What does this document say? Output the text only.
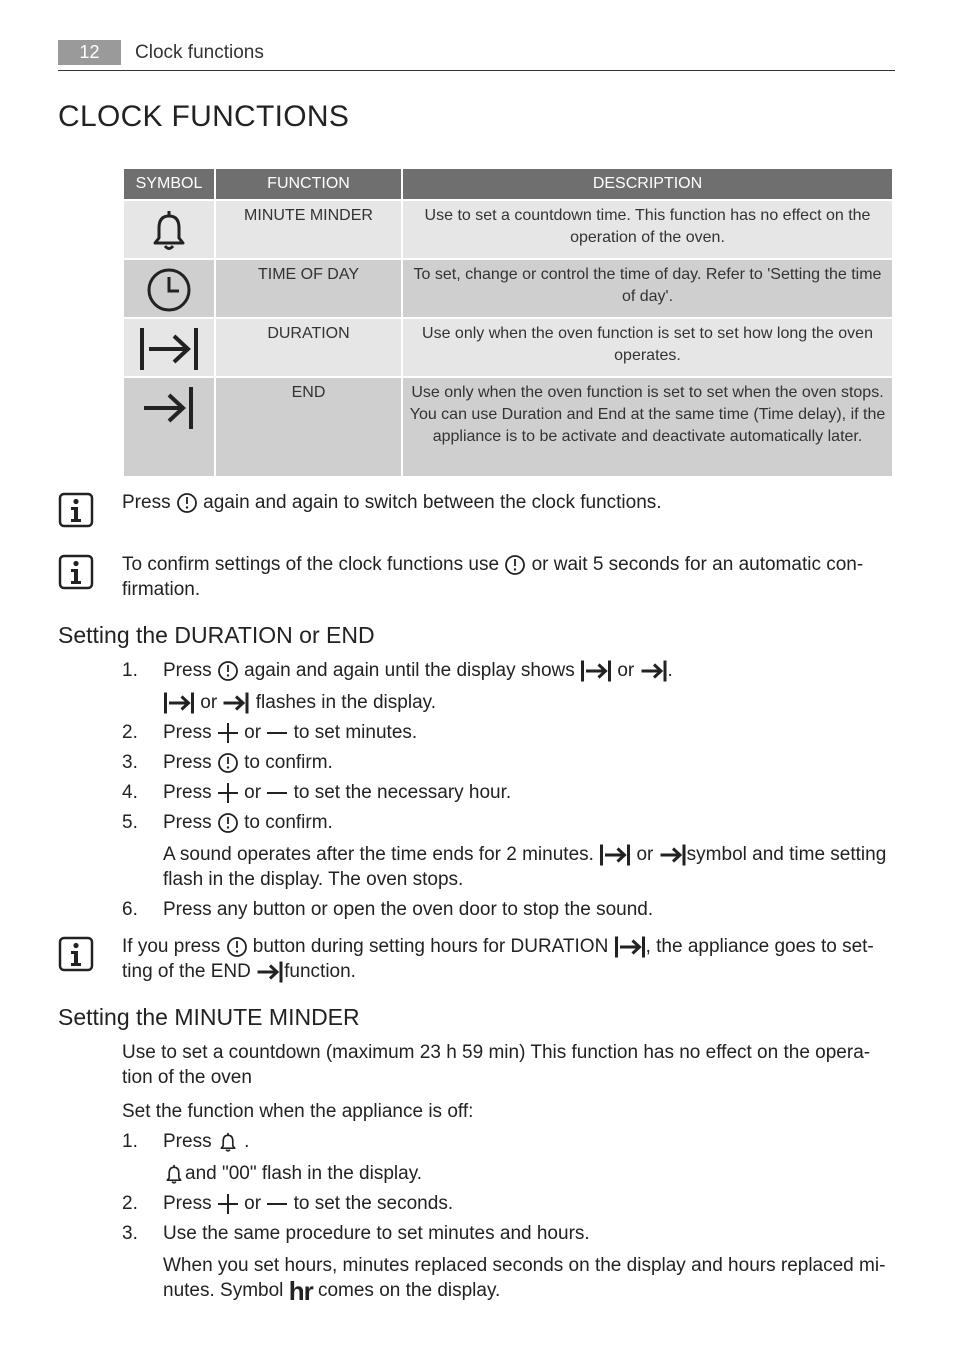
12	Clock functions
CLOCK FUNCTIONS
SYMBOL	FUNCTION	DESCRIPTION

	MINUTE MINDER	Use to set a countdown time. This function has no effect on the operation of the oven.

	TIME OF DAY	To set, change or control the time of day. Refer to 'Setting the time of day'.

	DURATION	Use only when the oven function is set to set how long the oven operates.

	END	Use only when the oven function is set to set when the oven stops. You can use Duration and End at the same time (Time delay), if the appliance is to be activate and deactivate automatically later.
Press again and again to switch between the clock functions.
To confirm settings of the clock functions use or wait 5 seconds for an automatic con-
firmation.
Setting the DURATION or END
1. Press again and again until the display shows or .
or flashes in the display.
2. Press or to set minutes.
3. Press to confirm.
4. Press or to set the necessary hour.
5. Press to confirm.
A sound operates after the time ends for 2 minutes. or symbol and time setting
flash in the display. The oven stops.
6. Press any button or open the oven door to stop the sound.
If you press button during setting hours for DURATION , the appliance goes to set-
ting of the END function.
Setting the MINUTE MINDER
Use to set a countdown (maximum 23 h 59 min) This function has no effect on the opera-
tion of the oven
Set the function when the appliance is off:
1. Press .
and "00" flash in the display.
2. Press or to set the seconds.
3. Use the same procedure to set minutes and hours.
When you set hours, minutes replaced seconds on the display and hours replaced mi-
nutes. Symbol hr comes on the display.
